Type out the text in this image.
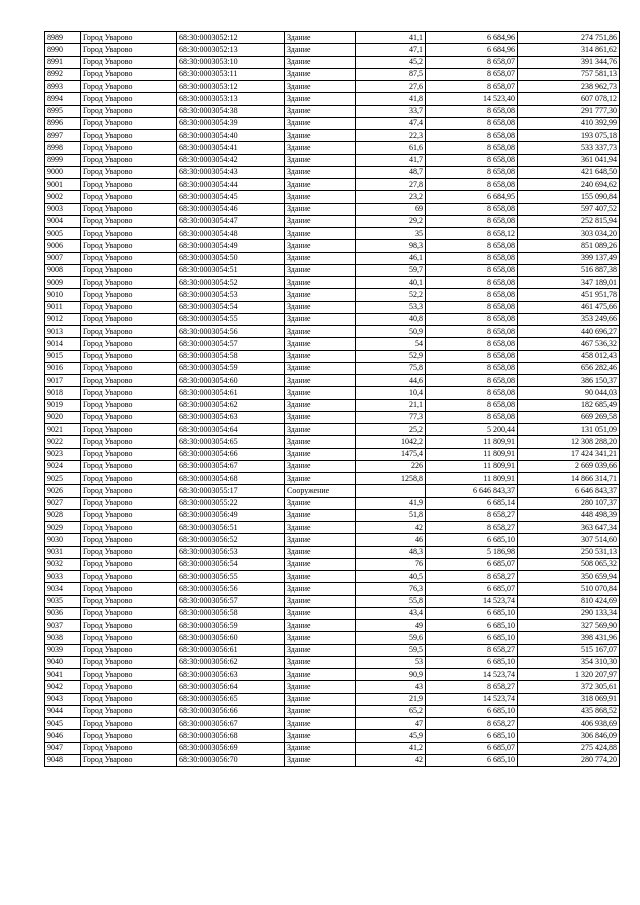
8989	Город Уварово	68:30:0003052:12	Здание	41,1	6 684,96	274 751,86
8990	Город Уварово	68:30:0003052:13	Здание	47,1	6 684,96	314 861,62
8991	Город Уварово	68:30:0003053:10	Здание	45,2	8 658,07	391 344,76
8992	Город Уварово	68:30:0003053:11	Здание	87,5	8 658,07	757 581,13
8993	Город Уварово	68:30:0003053:12	Здание	27,6	8 658,07	238 962,73
8994	Город Уварово	68:30:0003053:13	Здание	41,8	14 523,40	607 078,12
8995	Город Уварово	68:30:0003054:38	Здание	33,7	8 658,08	291 777,30
8996	Город Уварово	68:30:0003054:39	Здание	47,4	8 658,08	410 392,99
8997	Город Уварово	68:30:0003054:40	Здание	22,3	8 658,08	193 075,18
8998	Город Уварово	68:30:0003054:41	Здание	61,6	8 658,08	533 337,73
8999	Город Уварово	68:30:0003054:42	Здание	41,7	8 658,08	361 041,94
9000	Город Уварово	68:30:0003054:43	Здание	48,7	8 658,08	421 648,50
9001	Город Уварово	68:30:0003054:44	Здание	27,8	8 658,08	240 694,62
9002	Город Уварово	68:30:0003054:45	Здание	23,2	6 684,95	155 090,84
9003	Город Уварово	68:30:0003054:46	Здание	69	8 658,08	597 407,52
9004	Город Уварово	68:30:0003054:47	Здание	29,2	8 658,08	252 815,94
9005	Город Уварово	68:30:0003054:48	Здание	35	8 658,12	303 034,20
9006	Город Уварово	68:30:0003054:49	Здание	98,3	8 658,08	851 089,26
9007	Город Уварово	68:30:0003054:50	Здание	46,1	8 658,08	399 137,49
9008	Город Уварово	68:30:0003054:51	Здание	59,7	8 658,08	516 887,38
9009	Город Уварово	68:30:0003054:52	Здание	40,1	8 658,08	347 189,01
9010	Город Уварово	68:30:0003054:53	Здание	52,2	8 658,08	451 951,78
9011	Город Уварово	68:30:0003054:54	Здание	53,3	8 658,08	461 475,66
9012	Город Уварово	68:30:0003054:55	Здание	40,8	8 658,08	353 249,66
9013	Город Уварово	68:30:0003054:56	Здание	50,9	8 658,08	440 696,27
9014	Город Уварово	68:30:0003054:57	Здание	54	8 658,08	467 536,32
9015	Город Уварово	68:30:0003054:58	Здание	52,9	8 658,08	458 012,43
9016	Город Уварово	68:30:0003054:59	Здание	75,8	8 658,08	656 282,46
9017	Город Уварово	68:30:0003054:60	Здание	44,6	8 658,08	386 150,37
9018	Город Уварово	68:30:0003054:61	Здание	10,4	8 658,08	90 044,03
9019	Город Уварово	68:30:0003054:62	Здание	21,1	8 658,08	182 685,49
9020	Город Уварово	68:30:0003054:63	Здание	77,3	8 658,08	669 269,58
9021	Город Уварово	68:30:0003054:64	Здание	25,2	5 200,44	131 051,09
9022	Город Уварово	68:30:0003054:65	Здание	1042,2	11 809,91	12 308 288,20
9023	Город Уварово	68:30:0003054:66	Здание	1475,4	11 809,91	17 424 341,21
9024	Город Уварово	68:30:0003054:67	Здание	226	11 809,91	2 669 039,66
9025	Город Уварово	68:30:0003054:68	Здание	1258,8	11 809,91	14 866 314,71
9026	Город Уварово	68:30:0003055:17	Сооружение		6 646 843,37	6 646 843,37
9027	Город Уварово	68:30:0003055:22	Здание	41,9	6 685,14	280 107,37
9028	Город Уварово	68:30:0003056:49	Здание	51,8	8 658,27	448 498,39
9029	Город Уварово	68:30:0003056:51	Здание	42	8 658,27	363 647,34
9030	Город Уварово	68:30:0003056:52	Здание	46	6 685,10	307 514,60
9031	Город Уварово	68:30:0003056:53	Здание	48,3	5 186,98	250 531,13
9032	Город Уварово	68:30:0003056:54	Здание	76	6 685,07	508 065,32
9033	Город Уварово	68:30:0003056:55	Здание	40,5	8 658,27	350 659,94
9034	Город Уварово	68:30:0003056:56	Здание	76,3	6 685,07	510 070,84
9035	Город Уварово	68:30:0003056:57	Здание	55,8	14 523,74	810 424,69
9036	Город Уварово	68:30:0003056:58	Здание	43,4	6 685,10	290 133,34
9037	Город Уварово	68:30:0003056:59	Здание	49	6 685,10	327 569,90
9038	Город Уварово	68:30:0003056:60	Здание	59,6	6 685,10	398 431,96
9039	Город Уварово	68:30:0003056:61	Здание	59,5	8 658,27	515 167,07
9040	Город Уварово	68:30:0003056:62	Здание	53	6 685,10	354 310,30
9041	Город Уварово	68:30:0003056:63	Здание	90,9	14 523,74	1 320 207,97
9042	Город Уварово	68:30:0003056:64	Здание	43	8 658,27	372 305,61
9043	Город Уварово	68:30:0003056:65	Здание	21,9	14 523,74	318 069,91
9044	Город Уварово	68:30:0003056:66	Здание	65,2	6 685,10	435 868,52
9045	Город Уварово	68:30:0003056:67	Здание	47	8 658,27	406 938,69
9046	Город Уварово	68:30:0003056:68	Здание	45,9	6 685,10	306 846,09
9047	Город Уварово	68:30:0003056:69	Здание	41,2	6 685,07	275 424,88
9048	Город Уварово	68:30:0003056:70	Здание	42	6 685,10	280 774,20
